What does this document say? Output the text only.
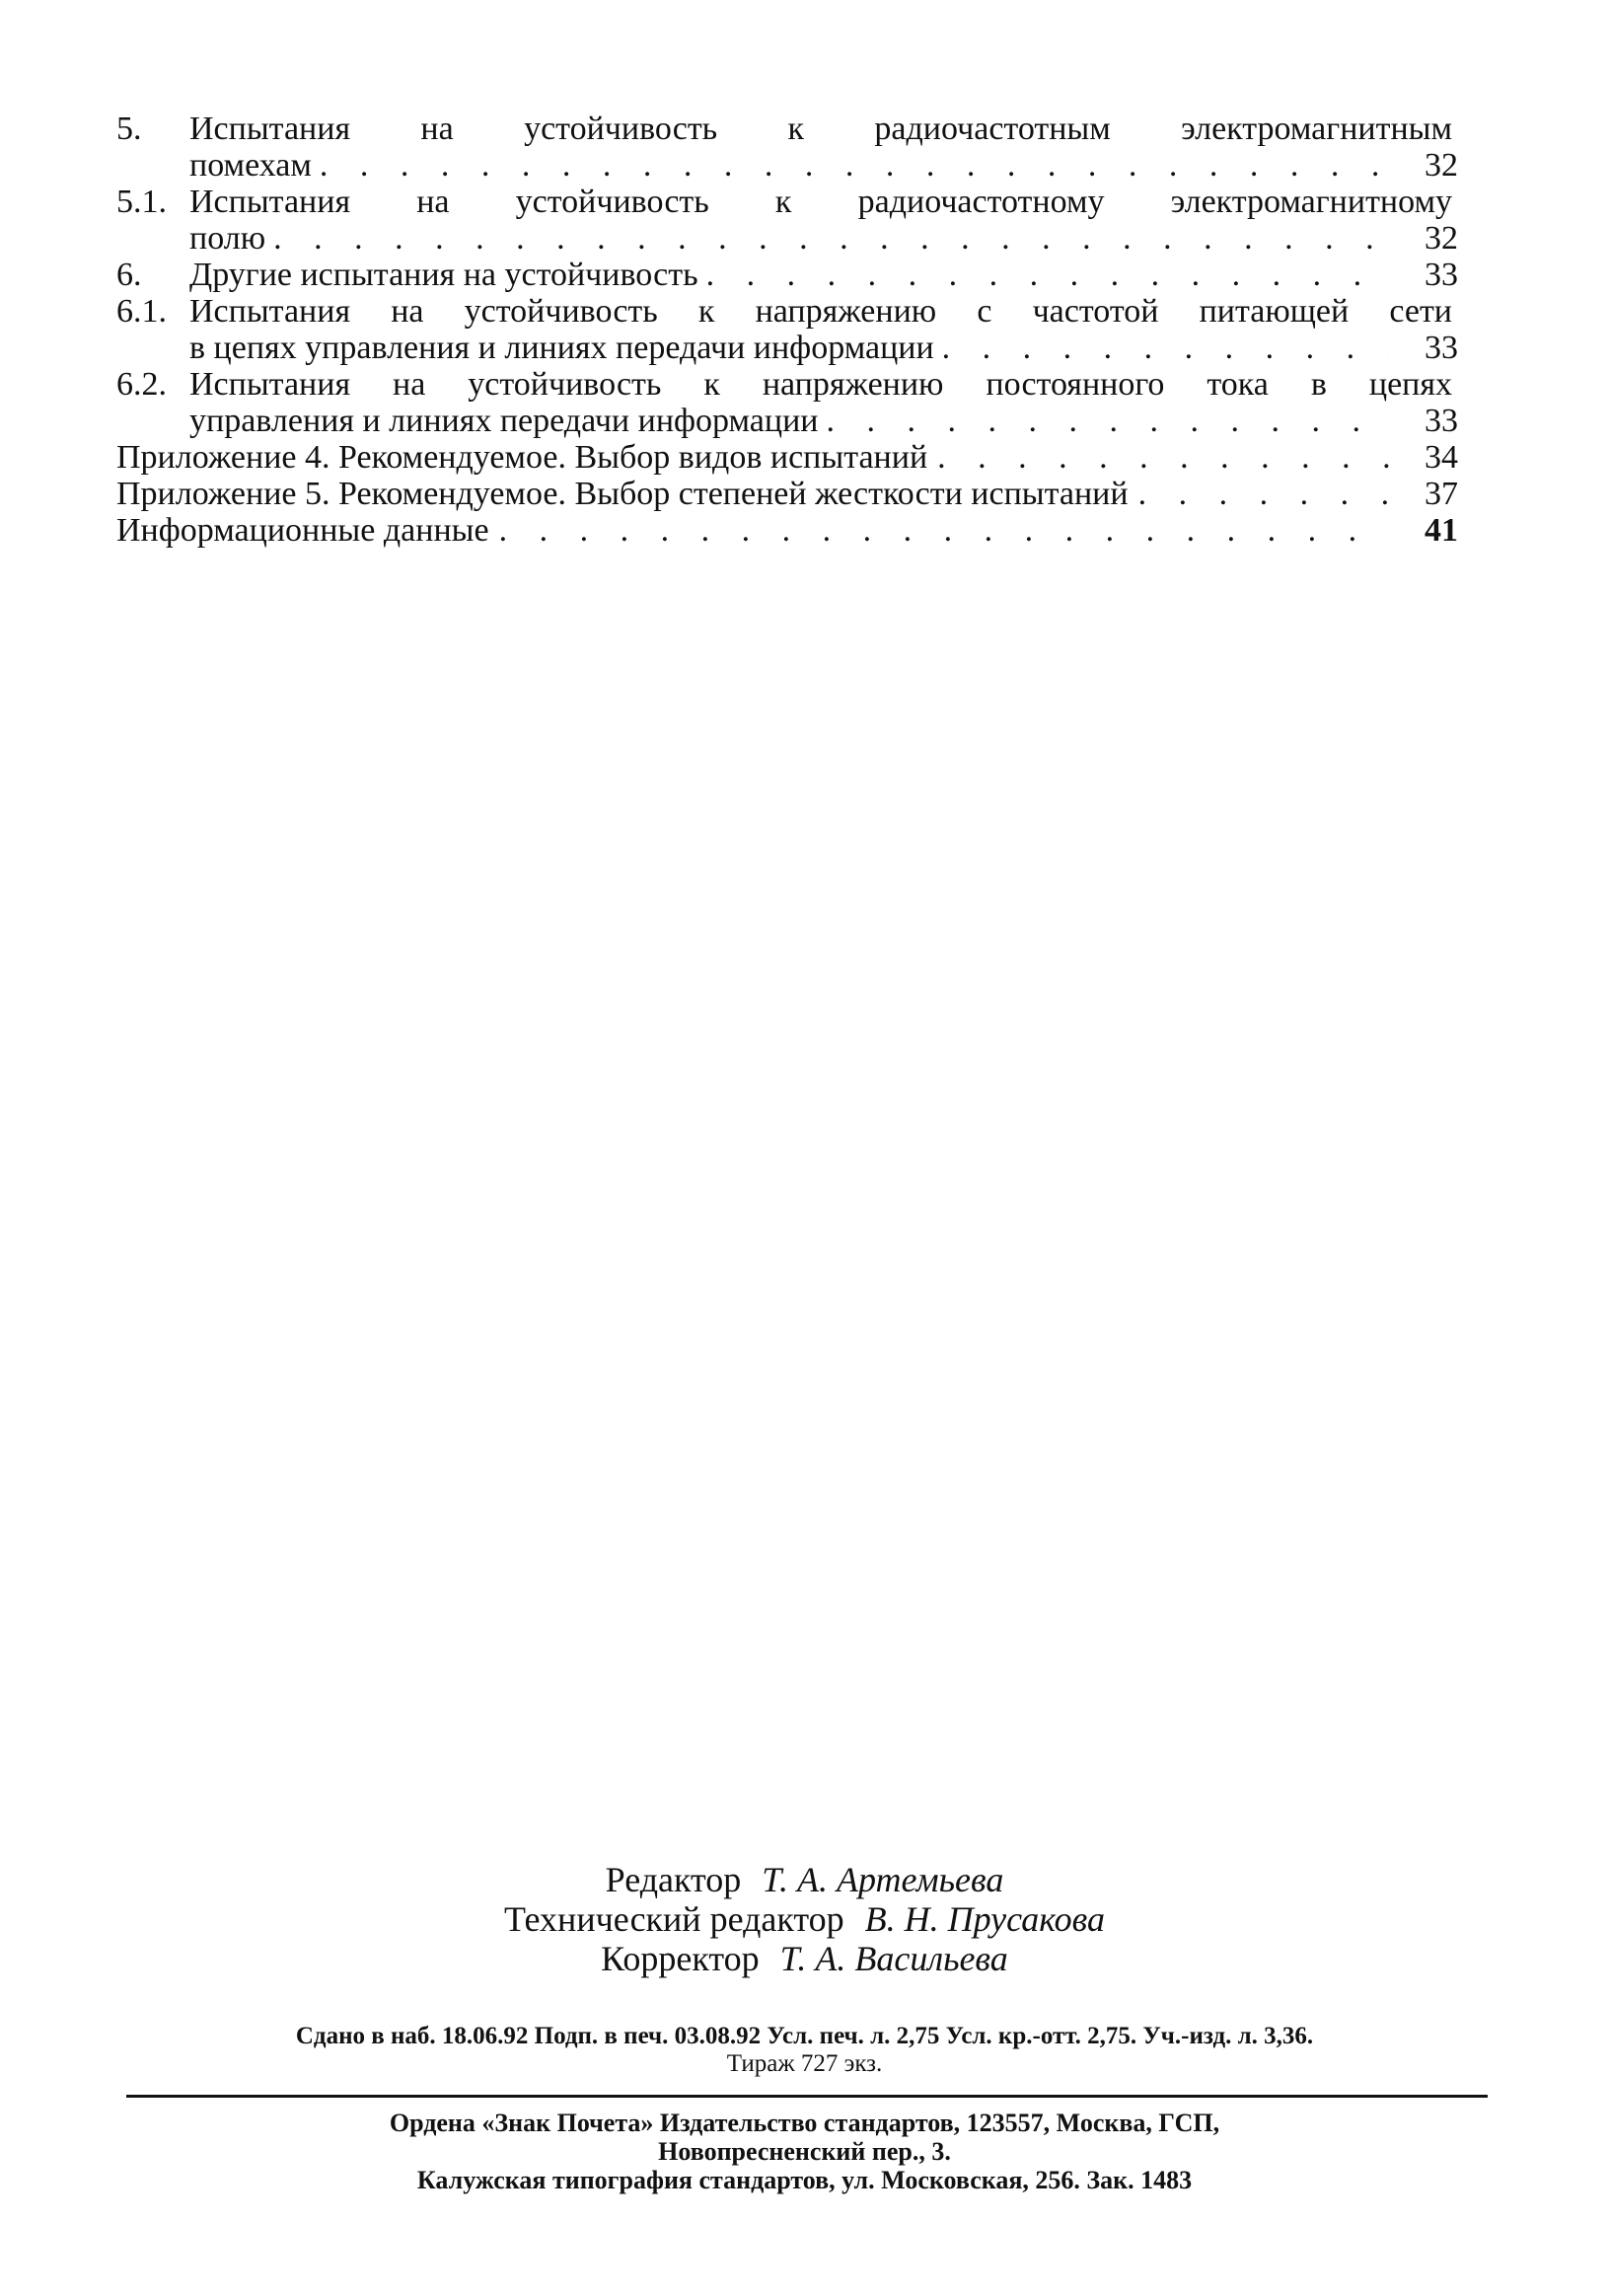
5. Испытания на устойчивость к радиочастотным электромагнитным
помехам . . .	32
5.1. Испытания на устойчивость к радиочастотному электромагнитному
полю . . .	32
6. Другие испытания на устойчивость . . .	33
6.1. Испытания на устойчивость к напряжению с частотой питающей сети
в цепях управления и линиях передачи информации . . .	33
6.2. Испытания на устойчивость к напряжению постоянного тока в цепях
управления и линиях передачи информации . . .	33
Приложение 4. Рекомендуемое. Выбор видов испытаний . . .	34
Приложение 5. Рекомендуемое. Выбор степеней жесткости испытаний . . .	37
Информационные данные . . .	41
Редактор Т. А. Артемьева
Технический редактор В. Н. Прусакова
Корректор Т. А. Васильева
Сдано в наб. 18.06.92 Подп. в печ. 03.08.92 Усл. печ. л. 2,75 Усл. кр.-отт. 2,75. Уч.-изд. л. 3,36.
Тираж 727 экз.
Ордена «Знак Почета» Издательство стандартов, 123557, Москва, ГСП,
Новопресненский пер., 3.
Калужская типография стандартов, ул. Московская, 256. Зак. 1483
